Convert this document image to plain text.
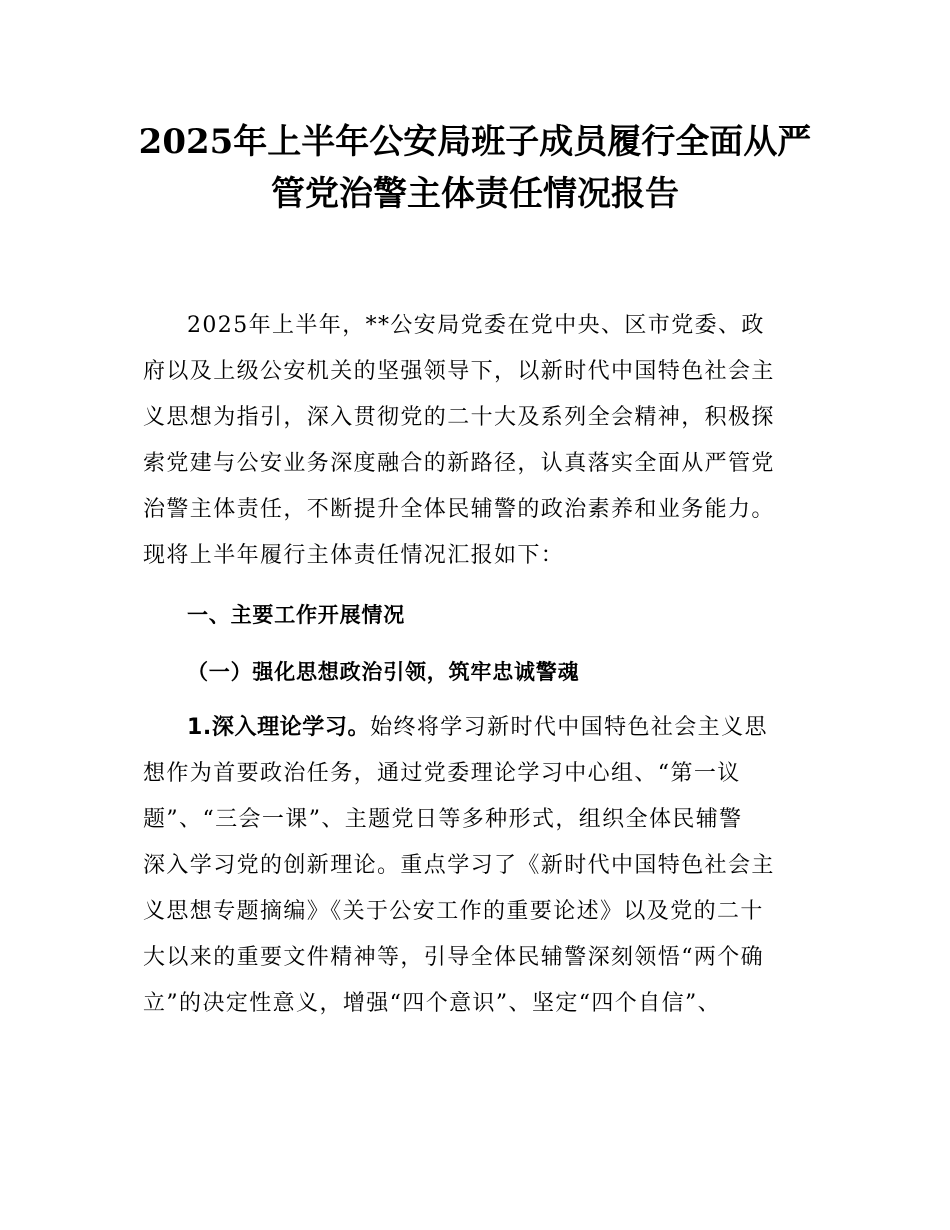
2025年上半年公安局班子成员履行全面从严
管党治警主体责任情况报告
2025年上半年，**公安局党委在党中央、区市党委、政
府以及上级公安机关的坚强领导下，以新时代中国特色社会主
义思想为指引，深入贯彻党的二十大及系列全会精神，积极探
索党建与公安业务深度融合的新路径，认真落实全面从严管党
治警主体责任，不断提升全体民辅警的政治素养和业务能力。
现将上半年履行主体责任情况汇报如下：
一、主要工作开展情况
（一）强化思想政治引领，筑牢忠诚警魂
1.深入理论学习。始终将学习新时代中国特色社会主义思
想作为首要政治任务，通过党委理论学习中心组、“第一议
题”、“三会一课”、主题党日等多种形式，组织全体民辅警
深入学习党的创新理论。重点学习了《新时代中国特色社会主
义思想专题摘编》《关于公安工作的重要论述》以及党的二十
大以来的重要文件精神等，引导全体民辅警深刻领悟“两个确
立”的决定性意义，增强“四个意识”、坚定“四个自信”、
